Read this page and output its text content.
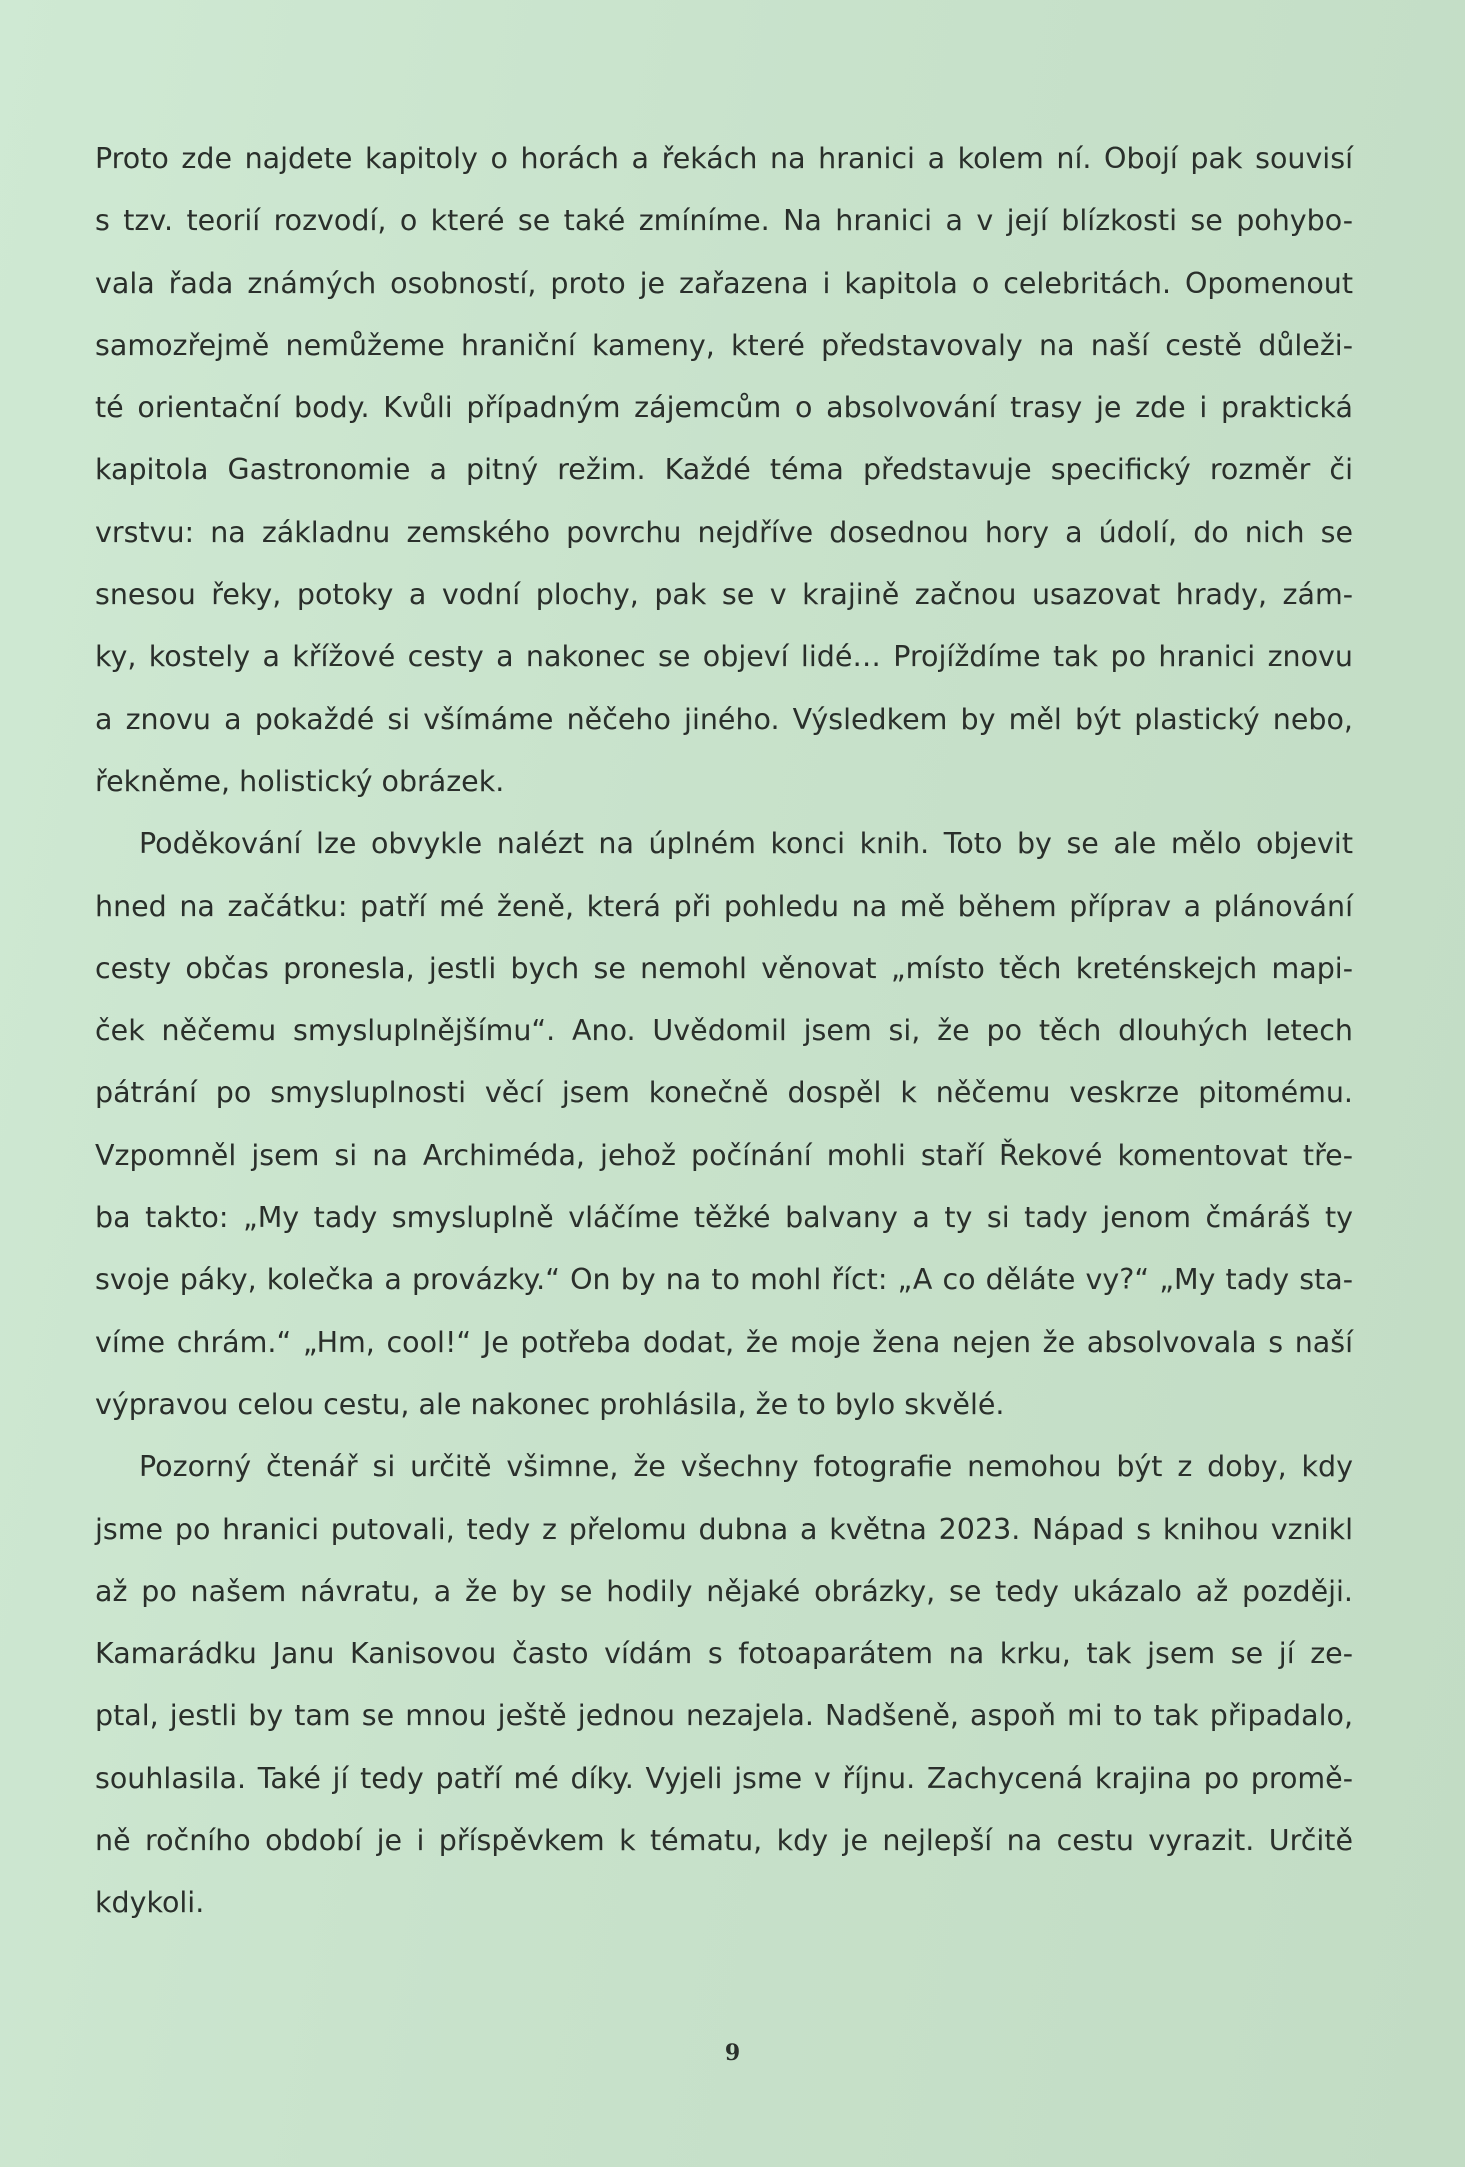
Proto zde najdete kapitoly o horách a řekách na hranici a kolem ní. Obojí pak souvisí
s tzv. teorií rozvodí, o které se také zmíníme. Na hranici a v její blízkosti se pohybo-
vala řada známých osobností, proto je zařazena i kapitola o celebritách. Opomenout
samozřejmě nemůžeme hraniční kameny, které představovaly na naší cestě důleži-
té orientační body. Kvůli případným zájemcům o absolvování trasy je zde i praktická
kapitola Gastronomie a pitný režim. Každé téma představuje specifický rozměr či
vrstvu: na základnu zemského povrchu nejdříve dosednou hory a údolí, do nich se
snesou řeky, potoky a vodní plochy, pak se v krajině začnou usazovat hrady, zám-
ky, kostely a křížové cesty a nakonec se objeví lidé… Projíždíme tak po hranici znovu
a znovu a pokaždé si všímáme něčeho jiného. Výsledkem by měl být plastický nebo,
řekněme, holistický obrázek.
Poděkování lze obvykle nalézt na úplném konci knih. Toto by se ale mělo objevit
hned na začátku: patří mé ženě, která při pohledu na mě během příprav a plánování
cesty občas pronesla, jestli bych se nemohl věnovat „místo těch kreténskejch mapi-
ček něčemu smysluplnějšímu“. Ano. Uvědomil jsem si, že po těch dlouhých letech
pátrání po smysluplnosti věcí jsem konečně dospěl k něčemu veskrze pitomému.
Vzpomněl jsem si na Archiméda, jehož počínání mohli staří Řekové komentovat tře-
ba takto: „My tady smysluplně vláčíme těžké balvany a ty si tady jenom čmáráš ty
svoje páky, kolečka a provázky.“ On by na to mohl říct: „A co děláte vy?“ „My tady sta-
víme chrám.“ „Hm, cool!“ Je potřeba dodat, že moje žena nejen že absolvovala s naší
výpravou celou cestu, ale nakonec prohlásila, že to bylo skvělé.
Pozorný čtenář si určitě všimne, že všechny fotografie nemohou být z doby, kdy
jsme po hranici putovali, tedy z přelomu dubna a května 2023. Nápad s knihou vznikl
až po našem návratu, a že by se hodily nějaké obrázky, se tedy ukázalo až později.
Kamarádku Janu Kanisovou často vídám s fotoaparátem na krku, tak jsem se jí ze-
ptal, jestli by tam se mnou ještě jednou nezajela. Nadšeně, aspoň mi to tak připadalo,
souhlasila. Také jí tedy patří mé díky. Vyjeli jsme v říjnu. Zachycená krajina po promě-
ně ročního období je i příspěvkem k tématu, kdy je nejlepší na cestu vyrazit. Určitě
kdykoli.
9
